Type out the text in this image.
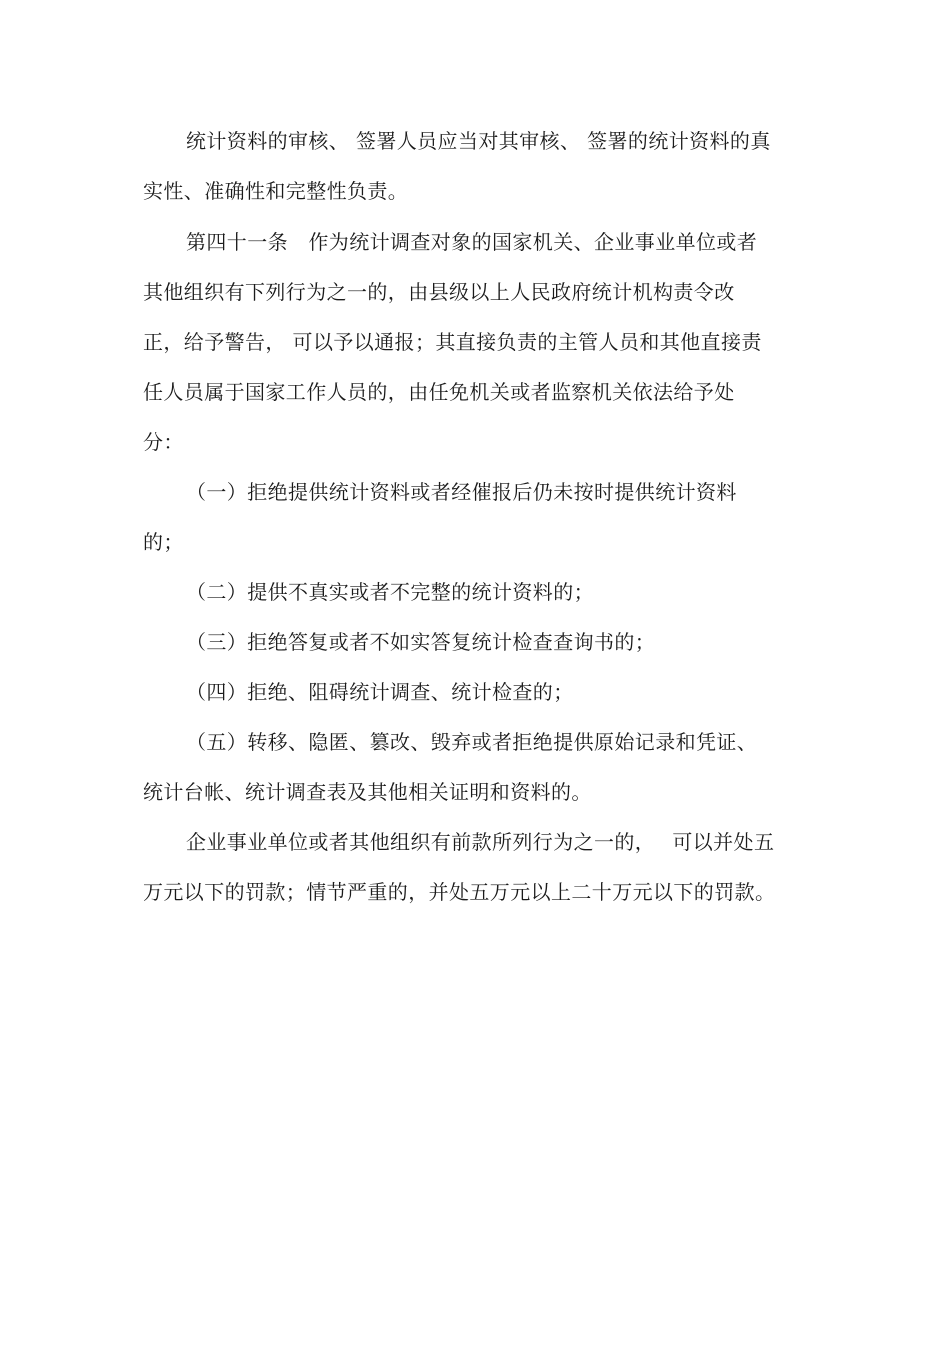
统计资料的审核、 签署人员应当对其审核、 签署的统计资料的真
实性、准确性和完整性负责。
第四十一条　作为统计调查对象的国家机关、企业事业单位或者
其他组织有下列行为之一的，由县级以上人民政府统计机构责令改
正，给予警告， 可以予以通报；其直接负责的主管人员和其他直接责
任人员属于国家工作人员的，由任免机关或者监察机关依法给予处
分：
（一）拒绝提供统计资料或者经催报后仍未按时提供统计资料
的；
（二）提供不真实或者不完整的统计资料的；
（三）拒绝答复或者不如实答复统计检查查询书的；
（四）拒绝、阻碍统计调查、统计检查的；
（五）转移、隐匿、篡改、毁弃或者拒绝提供原始记录和凭证、
统计台帐、统计调查表及其他相关证明和资料的。
企业事业单位或者其他组织有前款所列行为之一的，　 可以并处五
万元以下的罚款；情节严重的，并处五万元以上二十万元以下的罚款。
